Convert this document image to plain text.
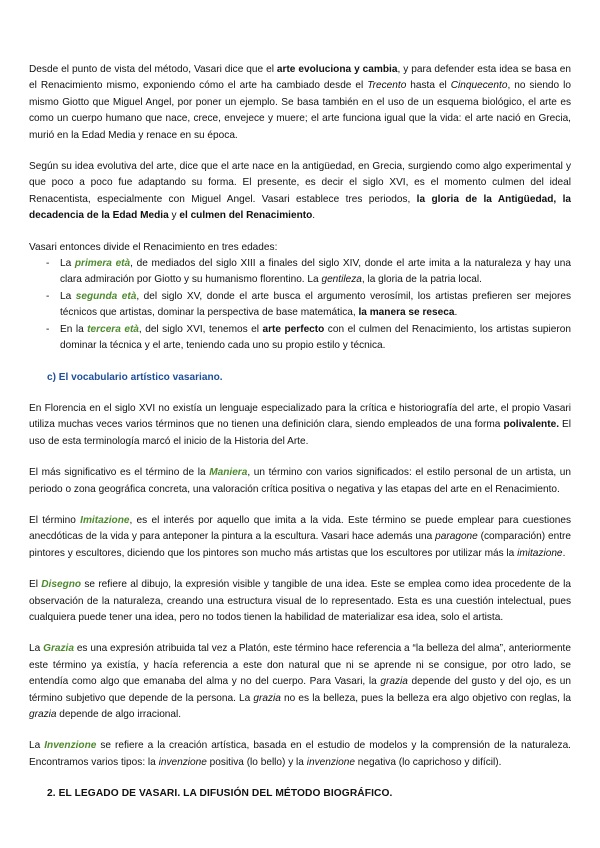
Desde el punto de vista del método, Vasari dice que el arte evoluciona y cambia, y para defender esta idea se basa en el Renacimiento mismo, exponiendo cómo el arte ha cambiado desde el Trecento hasta el Cinquecento, no siendo lo mismo Giotto que Miguel Angel, por poner un ejemplo. Se basa también en el uso de un esquema biológico, el arte es como un cuerpo humano que nace, crece, envejece y muere; el arte funciona igual que la vida: el arte nació en Grecia, murió en la Edad Media y renace en su época.

Según su idea evolutiva del arte, dice que el arte nace en la antigüedad, en Grecia, surgiendo como algo experimental y que poco a poco fue adaptando su forma. El presente, es decir el siglo XVI, es el momento culmen del ideal Renacentista, especialmente con Miguel Angel. Vasari establece tres periodos, la gloria de la Antigüedad, la decadencia de la Edad Media y el culmen del Renacimiento.

Vasari entonces divide el Renacimiento en tres edades:

- La primera età, de mediados del siglo XIII a finales del siglo XIV, donde el arte imita a la naturaleza y hay una clara admiración por Giotto y su humanismo florentino. La gentileza, la gloria de la patria local.
- La segunda età, del siglo XV, donde el arte busca el argumento verosímil, los artistas prefieren ser mejores técnicos que artistas, dominar la perspectiva de base matemática, la manera se reseca.
- En la tercera età, del siglo XVI, tenemos el arte perfecto con el culmen del Renacimiento, los artistas supieron dominar la técnica y el arte, teniendo cada uno su propio estilo y técnica.

c) El vocabulario artístico vasariano.

En Florencia en el siglo XVI no existía un lenguaje especializado para la crítica e historiografía del arte, el propio Vasari utiliza muchas veces varios términos que no tienen una definición clara, siendo empleados de una forma polivalente. El uso de esta terminología marcó el inicio de la Historia del Arte.

El más significativo es el término de la Maniera, un término con varios significados: el estilo personal de un artista, un periodo o zona geográfica concreta, una valoración crítica positiva o negativa y las etapas del arte en el Renacimiento.

El término Imitazione, es el interés por aquello que imita a la vida. Este término se puede emplear para cuestiones anecdóticas de la vida y para anteponer la pintura a la escultura. Vasari hace además una paragone (comparación) entre pintores y escultores, diciendo que los pintores son mucho más artistas que los escultores por utilizar más la imitazione.

El Disegno se refiere al dibujo, la expresión visible y tangible de una idea. Este se emplea como idea procedente de la observación de la naturaleza, creando una estructura visual de lo representado. Esta es una cuestión intelectual, pues cualquiera puede tener una idea, pero no todos tienen la habilidad de materializar esa idea, solo el artista.

La Grazia es una expresión atribuida tal vez a Platón, este término hace referencia a “la belleza del alma”, anteriormente este término ya existía, y hacía referencia a este don natural que ni se aprende ni se consigue, por otro lado, se entendía como algo que emanaba del alma y no del cuerpo. Para Vasari, la grazia depende del gusto y del ojo, es un término subjetivo que depende de la persona. La grazia no es la belleza, pues la belleza era algo objetivo con reglas, la grazia depende de algo irracional.

La Invenzione se refiere a la creación artística, basada en el estudio de modelos y la comprensión de la naturaleza. Encontramos varios tipos: la invenzione positiva (lo bello) y la invenzione negativa (lo caprichoso y difícil).

2. EL LEGADO DE VASARI. LA DIFUSIÓN DEL MÉTODO BIOGRÁFICO.
